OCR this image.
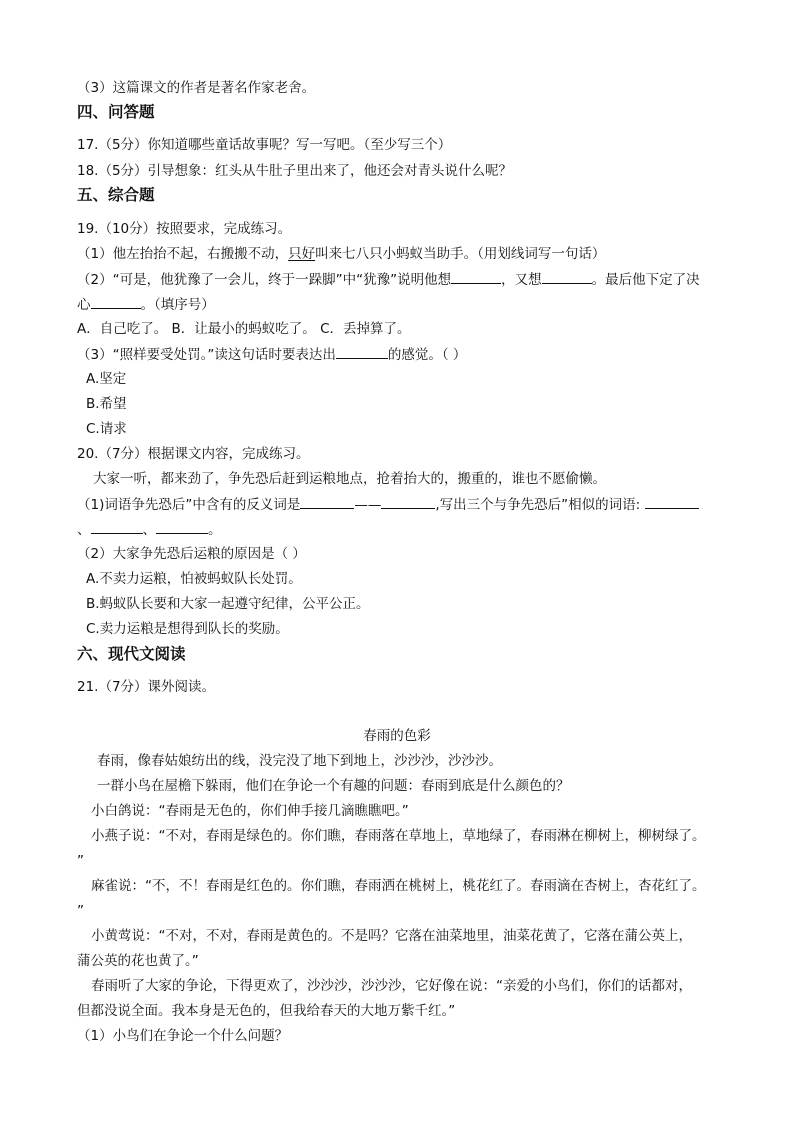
（3）这篇课文的作者是著名作家老舍。
四、问答题
17.（5分）你知道哪些童话故事呢？写一写吧。（至少写三个）
18.（5分）引导想象：红头从牛肚子里出来了，他还会对青头说什么呢？
五、综合题
19.（10分）按照要求，完成练习。
（1）他左抬抬不起，右搬搬不动，只好叫来七八只小蚂蚁当助手。（用划线词写一句话）
（2）“可是，他犹豫了一会儿，终于一跺脚”中“犹豫”说明他想	，又想	。最后他下定了决
心	。（填序号）
A．自己吃了。 B．让最小的蚂蚁吃了。 C．丢掉算了。
（3）“照样要受处罚。”读这句话时要表达出	的感觉。（ ）
A.坚定
B.希望
C.请求
20.（7分）根据课文内容，完成练习。
大家一听，都来劲了，争先恐后赶到运粮地点，抢着抬大的，搬重的，谁也不愿偷懒。
（1)词语争先恐后”中含有的反义词是	——	,写出三个与争先恐后”相似的词语:
、	、	。
（2）大家争先恐后运粮的原因是（ ）
A.不卖力运粮，怕被蚂蚁队长处罚。
B.蚂蚁队长要和大家一起遵守纪律，公平公正。
C.卖力运粮是想得到队长的奖励。
六、现代文阅读
21.（7分）课外阅读。
春雨的色彩
春雨，像春姑娘纺出的线，没完没了地下到地上，沙沙沙，沙沙沙。
一群小鸟在屋檐下躲雨，他们在争论一个有趣的问题：春雨到底是什么颜色的？
小白鸽说：“春雨是无色的，你们伸手接几滴瞧瞧吧。”
小燕子说：“不对，春雨是绿色的。你们瞧，春雨落在草地上，草地绿了，春雨淋在柳树上，柳树绿了。
”
麻雀说：“不，不！春雨是红色的。你们瞧，春雨洒在桃树上，桃花红了。春雨滴在杏树上，杏花红了。
”
小黄莺说：“不对，不对，春雨是黄色的。不是吗？它落在油菜地里，油菜花黄了，它落在蒲公英上，
蒲公英的花也黄了。”
春雨听了大家的争论，下得更欢了，沙沙沙，沙沙沙，它好像在说：“亲爱的小鸟们，你们的话都对，
但都没说全面。我本身是无色的，但我给春天的大地万紫千红。”
（1）小鸟们在争论一个什么问题？
